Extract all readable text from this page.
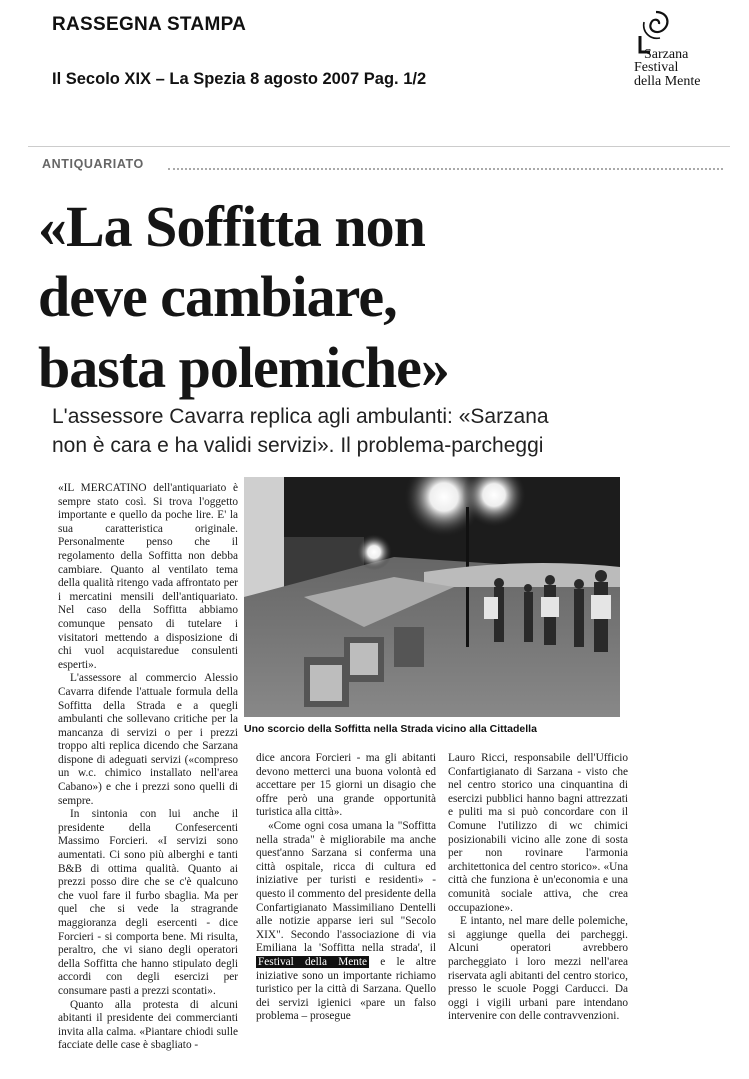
RASSEGNA STAMPA
Il Secolo XIX – La Spezia 8 agosto 2007 Pag. 1/2
Sarzana
Festival
della Mente
ANTIQUARIATO
«La Soffitta non
deve cambiare,
basta polemiche»
L'assessore Cavarra replica agli ambulanti: «Sarzana
non è cara e ha validi servizi». Il problema-parcheggi

«IL MERCATINO dell'antiquariato è sempre stato così. Si trova l'oggetto importante e quello da poche lire. E' la sua caratteristica originale. Personalmente penso che il regolamento della Soffitta non debba cambiare. Quanto al ventilato tema della qualità ritengo vada affrontato per i mercatini mensili dell'antiquariato. Nel caso della Soffitta abbiamo comunque pensato di tutelare i visitatori mettendo a disposizione di chi vuol acquistaredue consulenti esperti».

L'assessore al commercio Alessio Cavarra difende l'attuale formula della Soffitta della Strada e a quegli ambulanti che sollevano critiche per la mancanza di servizi o per i prezzi troppo alti replica dicendo che Sarzana dispone di adeguati servizi («compreso un w.c. chimico installato nell'area Cabano») e che i prezzi sono quelli di sempre.

In sintonia con lui anche il presidente della Confesercenti Massimo Forcieri. «I servizi sono aumentati. Ci sono più alberghi e tanti B&B di ottima qualità. Quanto ai prezzi posso dire che se c'è qualcuno che vuol fare il furbo sbaglia. Ma per quel che si vede la stragrande maggioranza degli esercenti - dice Forcieri - si comporta bene. Mi risulta, peraltro, che vi siano degli operatori della Soffitta che hanno stipulato degli accordi con degli esercizi per consumare pasti a prezzi scontati».

Quanto alla protesta di alcuni abitanti il presidente dei commercianti invita alla calma. «Piantare chiodi sulle facciate delle case è sbagliato -

Uno scorcio della Soffitta nella Strada vicino alla Cittadella

dice ancora Forcieri - ma gli abitanti devono metterci una buona volontà ed accettare per 15 giorni un disagio che offre però una grande opportunità turistica alla città».

«Come ogni cosa umana la "Soffitta nella strada" è migliorabile ma anche quest'anno Sarzana si conferma una città ospitale, ricca di cultura ed iniziative per turisti e residenti» - questo il commento del presidente della Confartigianato Massimiliano Dentelli alle notizie apparse ieri sul "Secolo XIX". Secondo l'associazione di via Emiliana la 'Soffitta nella strada', il Festival della Mente e le altre iniziative sono un importante richiamo turistico per la città di Sarzana. Quello dei servizi igienici «pare un falso problema – prosegue

Lauro Ricci, responsabile dell'Ufficio Confartigianato di Sarzana - visto che nel centro storico una cinquantina di esercizi pubblici hanno bagni attrezzati e puliti ma si può concordare con il Comune l'utilizzo di wc chimici posizionabili vicino alle zone di sosta per non rovinare l'armonia architettonica del centro storico». «Una città che funziona è un'economia e una comunità sociale attiva, che crea occupazione».

E intanto, nel mare delle polemiche, si aggiunge quella dei parcheggi. Alcuni operatori avrebbero parcheggiato i loro mezzi nell'area riservata agli abitanti del centro storico, presso le scuole Poggi Carducci. Da oggi i vigili urbani pare intendano intervenire con delle contravvenzioni.
